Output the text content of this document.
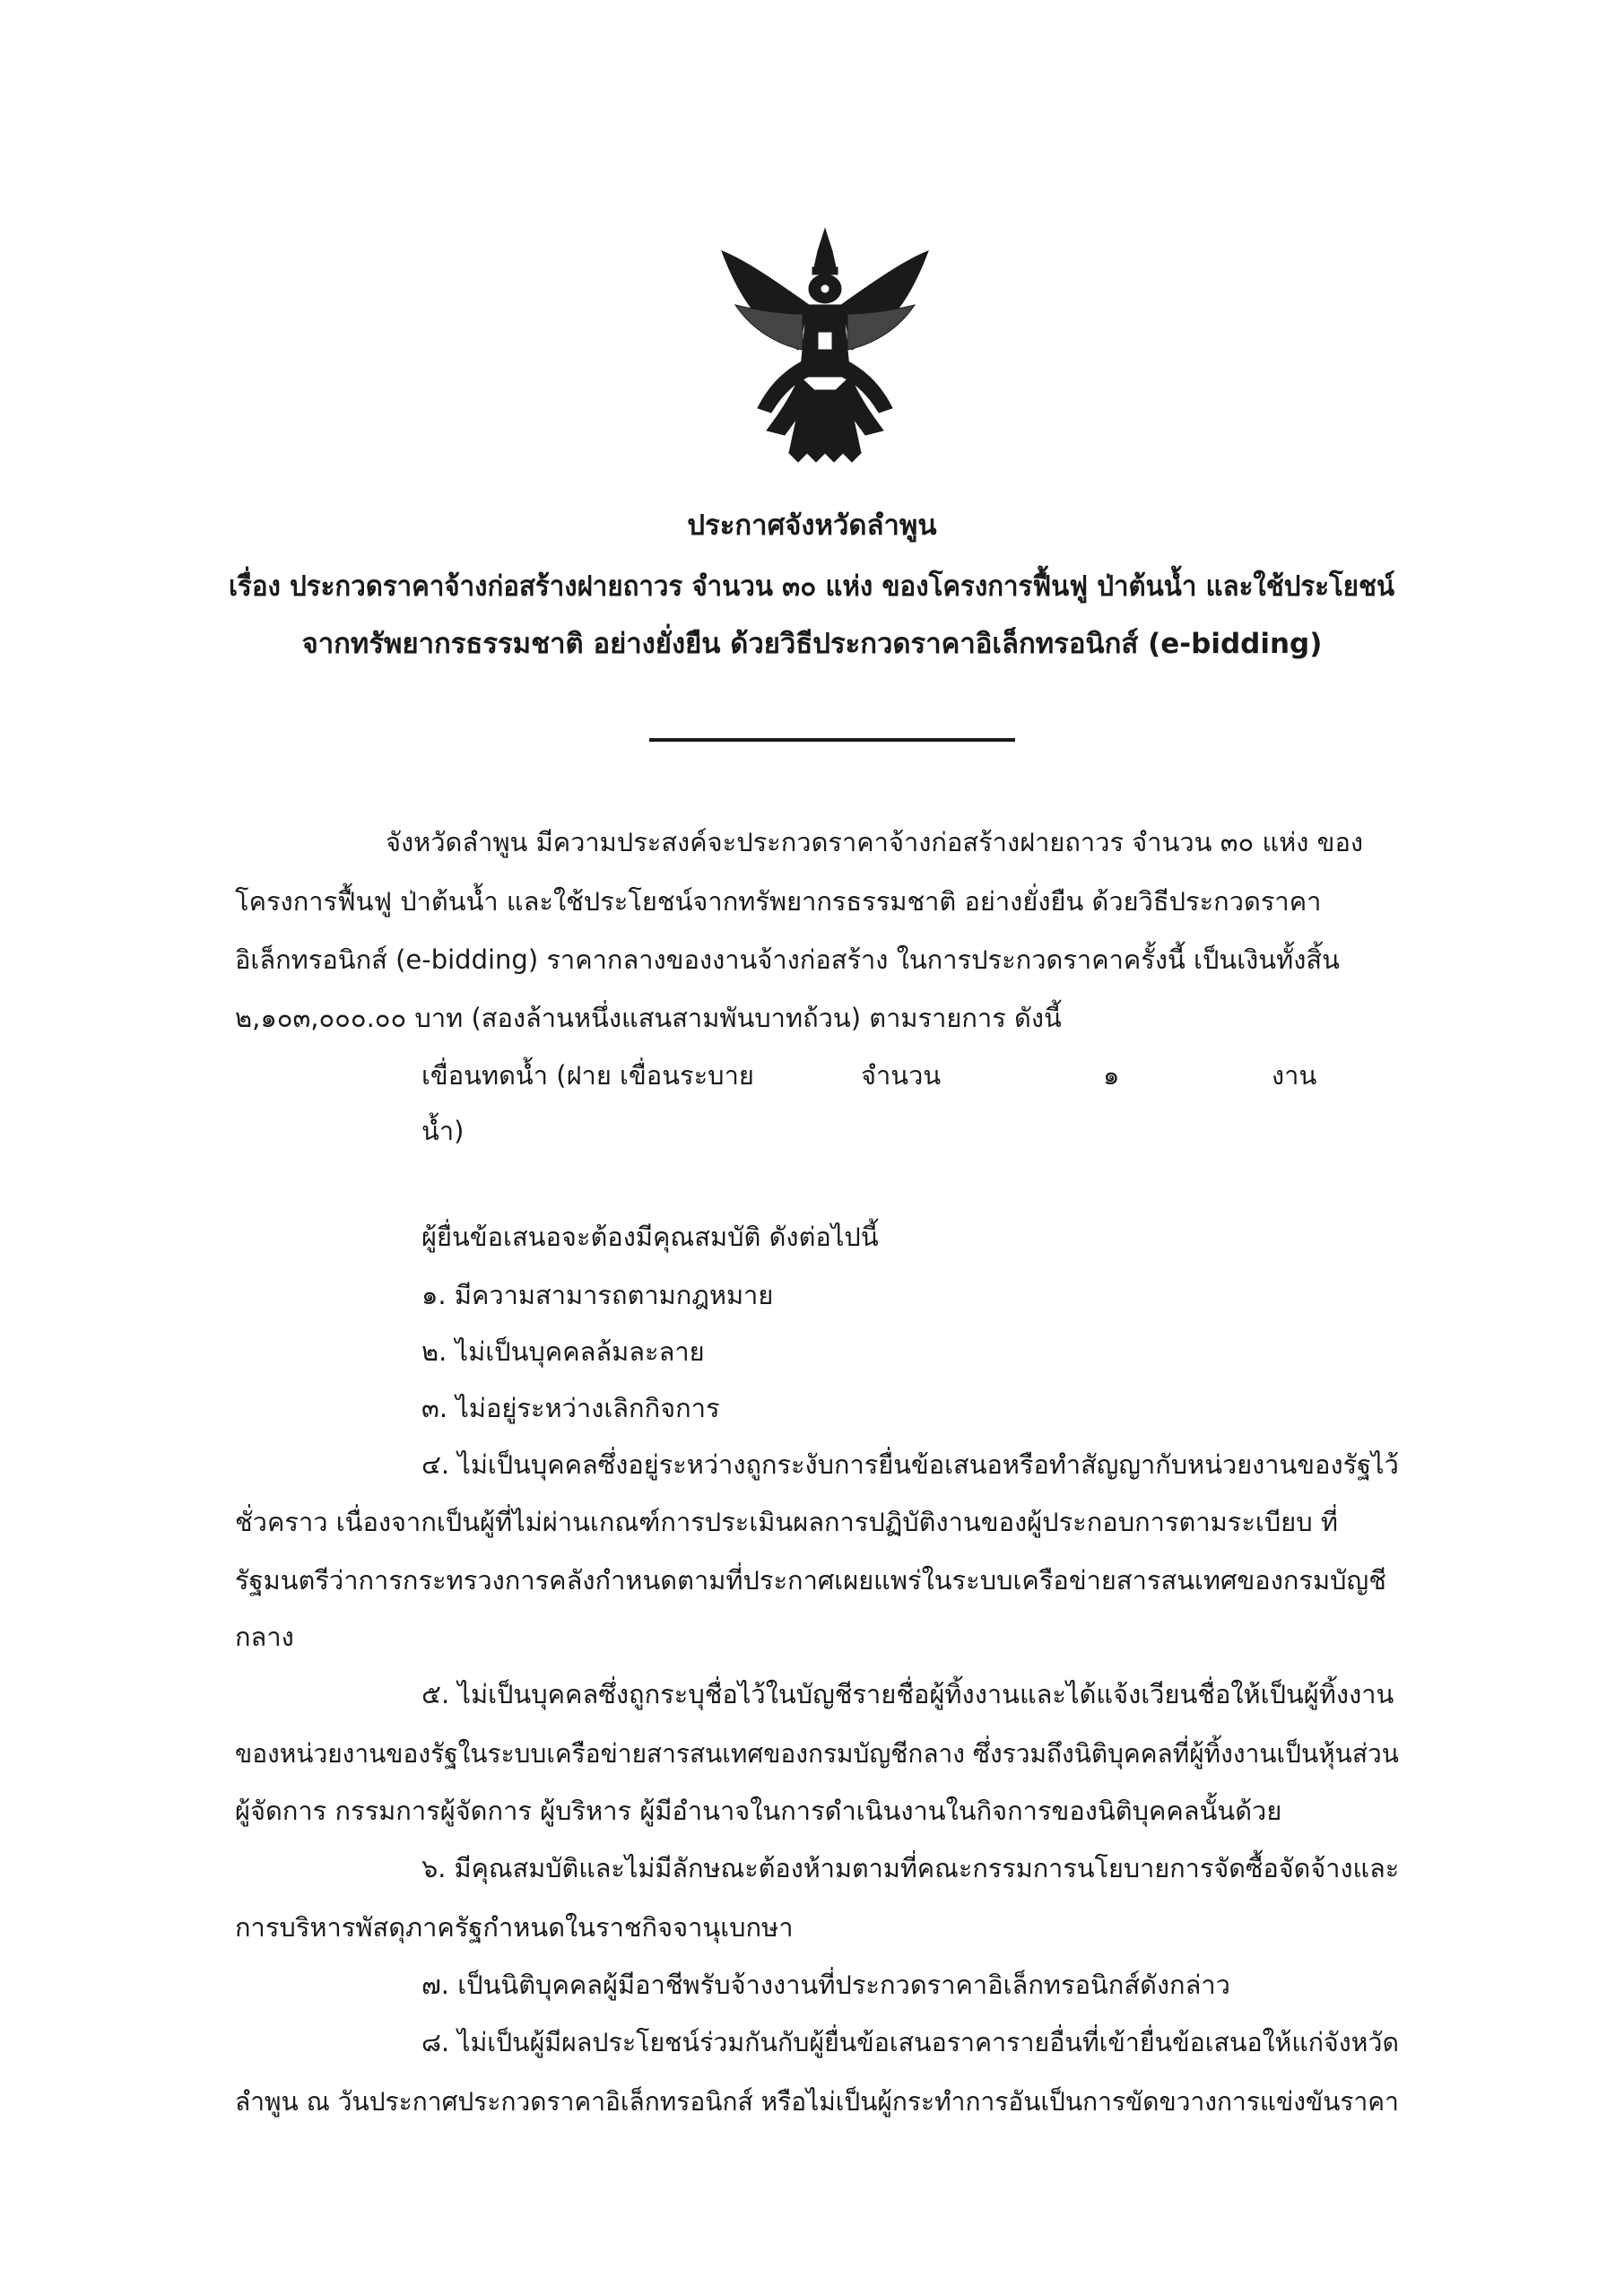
ประกาศจังหวัดลำพูน
เรื่อง ประกวดราคาจ้างก่อสร้างฝายถาวร จำนวน ๓๐ แห่ง ของโครงการฟื้นฟู ป่าต้นน้ำ และใช้ประโยชน์
จากทรัพยากรธรรมชาติ อย่างยั่งยืน ด้วยวิธีประกวดราคาอิเล็กทรอนิกส์ (e-bidding)
จังหวัดลำพูน มีความประสงค์จะประกวดราคาจ้างก่อสร้างฝายถาวร จำนวน ๓๐ แห่ง ของ
โครงการฟื้นฟู ป่าต้นน้ำ และใช้ประโยชน์จากทรัพยากรธรรมชาติ อย่างยั่งยืน ด้วยวิธีประกวดราคา
อิเล็กทรอนิกส์ (e-bidding) ราคากลางของงานจ้างก่อสร้าง ในการประกวดราคาครั้งนี้ เป็นเงินทั้งสิ้น
๒,๑๐๓,๐๐๐.๐๐ บาท (สองล้านหนึ่งแสนสามพันบาทถ้วน) ตามรายการ ดังนี้
เขื่อนทดน้ำ (ฝาย เขื่อนระบาย	จำนวน	๑	งาน
น้ำ)
ผู้ยื่นข้อเสนอจะต้องมีคุณสมบัติ ดังต่อไปนี้
๑. มีความสามารถตามกฎหมาย
๒. ไม่เป็นบุคคลล้มละลาย
๓. ไม่อยู่ระหว่างเลิกกิจการ
๔. ไม่เป็นบุคคลซึ่งอยู่ระหว่างถูกระงับการยื่นข้อเสนอหรือทำสัญญากับหน่วยงานของรัฐไว้
ชั่วคราว เนื่องจากเป็นผู้ที่ไม่ผ่านเกณฑ์การประเมินผลการปฏิบัติงานของผู้ประกอบการตามระเบียบ ที่
รัฐมนตรีว่าการกระทรวงการคลังกำหนดตามที่ประกาศเผยแพร่ในระบบเครือข่ายสารสนเทศของกรมบัญชี
กลาง
๕. ไม่เป็นบุคคลซึ่งถูกระบุชื่อไว้ในบัญชีรายชื่อผู้ทิ้งงานและได้แจ้งเวียนชื่อให้เป็นผู้ทิ้งงาน
ของหน่วยงานของรัฐในระบบเครือข่ายสารสนเทศของกรมบัญชีกลาง ซึ่งรวมถึงนิติบุคคลที่ผู้ทิ้งงานเป็นหุ้นส่วน
ผู้จัดการ กรรมการผู้จัดการ ผู้บริหาร ผู้มีอำนาจในการดำเนินงานในกิจการของนิติบุคคลนั้นด้วย
๖. มีคุณสมบัติและไม่มีลักษณะต้องห้ามตามที่คณะกรรมการนโยบายการจัดซื้อจัดจ้างและ
การบริหารพัสดุภาครัฐกำหนดในราชกิจจานุเบกษา
๗. เป็นนิติบุคคลผู้มีอาชีพรับจ้างงานที่ประกวดราคาอิเล็กทรอนิกส์ดังกล่าว
๘. ไม่เป็นผู้มีผลประโยชน์ร่วมกันกับผู้ยื่นข้อเสนอราคารายอื่นที่เข้ายื่นข้อเสนอให้แก่จังหวัด
ลำพูน ณ วันประกาศประกวดราคาอิเล็กทรอนิกส์ หรือไม่เป็นผู้กระทำการอันเป็นการขัดขวางการแข่งขันราคา
